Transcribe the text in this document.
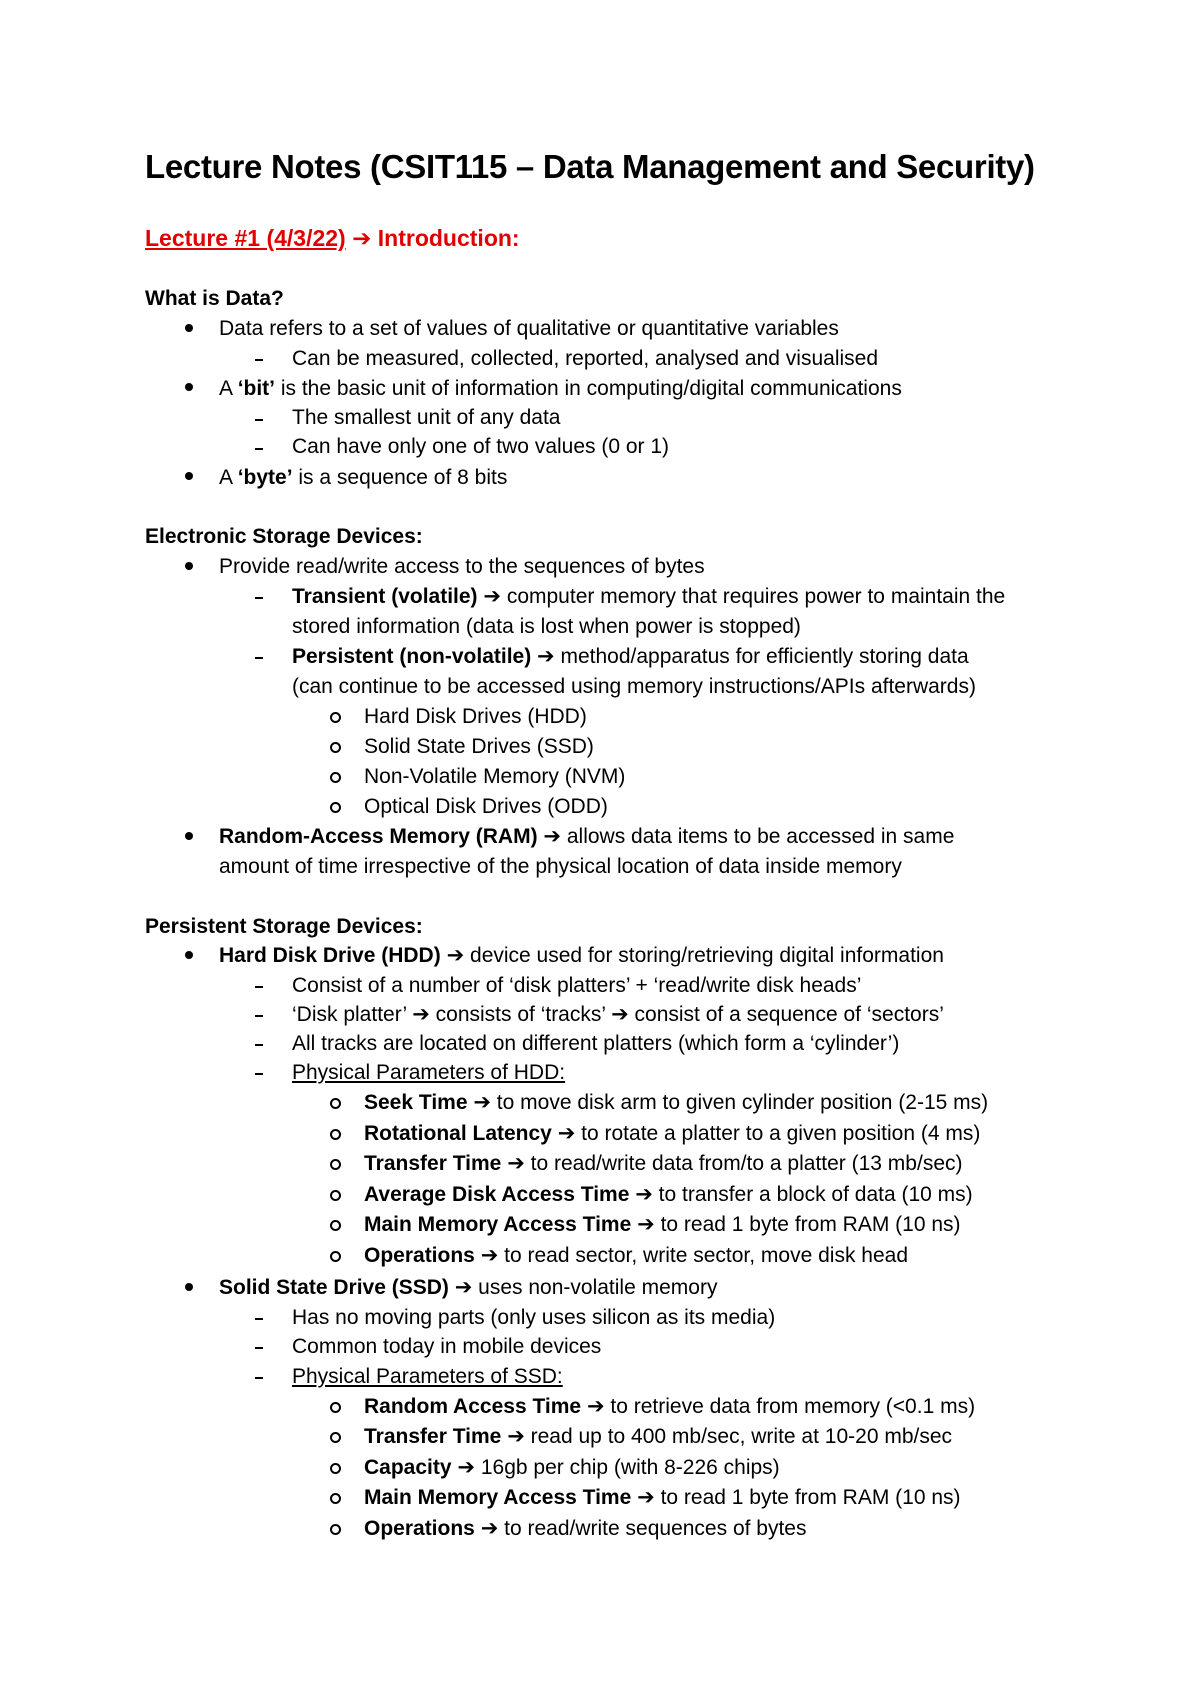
Lecture Notes (CSIT115 – Data Management and Security)
Lecture #1 (4/3/22) ➔ Introduction:
What is Data?
Data refers to a set of values of qualitative or quantitative variables
Can be measured, collected, reported, analysed and visualised
A ‘bit’ is the basic unit of information in computing/digital communications
The smallest unit of any data
Can have only one of two values (0 or 1)
A ‘byte’ is a sequence of 8 bits
Electronic Storage Devices:
Provide read/write access to the sequences of bytes
Transient (volatile) ➔ computer memory that requires power to maintain the
stored information (data is lost when power is stopped)
Persistent (non-volatile) ➔ method/apparatus for efficiently storing data
(can continue to be accessed using memory instructions/APIs afterwards)
Hard Disk Drives (HDD)
Solid State Drives (SSD)
Non-Volatile Memory (NVM)
Optical Disk Drives (ODD)
Random-Access Memory (RAM) ➔ allows data items to be accessed in same
amount of time irrespective of the physical location of data inside memory
Persistent Storage Devices:
Hard Disk Drive (HDD) ➔ device used for storing/retrieving digital information
Consist of a number of ‘disk platters’ + ‘read/write disk heads’
‘Disk platter’ ➔ consists of ‘tracks’ ➔ consist of a sequence of ‘sectors’
All tracks are located on different platters (which form a ‘cylinder’)
Physical Parameters of HDD:
Seek Time ➔ to move disk arm to given cylinder position (2-15 ms)
Rotational Latency ➔ to rotate a platter to a given position (4 ms)
Transfer Time ➔ to read/write data from/to a platter (13 mb/sec)
Average Disk Access Time ➔ to transfer a block of data (10 ms)
Main Memory Access Time ➔ to read 1 byte from RAM (10 ns)
Operations ➔ to read sector, write sector, move disk head
Solid State Drive (SSD) ➔ uses non-volatile memory
Has no moving parts (only uses silicon as its media)
Common today in mobile devices
Physical Parameters of SSD:
Random Access Time ➔ to retrieve data from memory (<0.1 ms)
Transfer Time ➔ read up to 400 mb/sec, write at 10-20 mb/sec
Capacity ➔ 16gb per chip (with 8-226 chips)
Main Memory Access Time ➔ to read 1 byte from RAM (10 ns)
Operations ➔ to read/write sequences of bytes
